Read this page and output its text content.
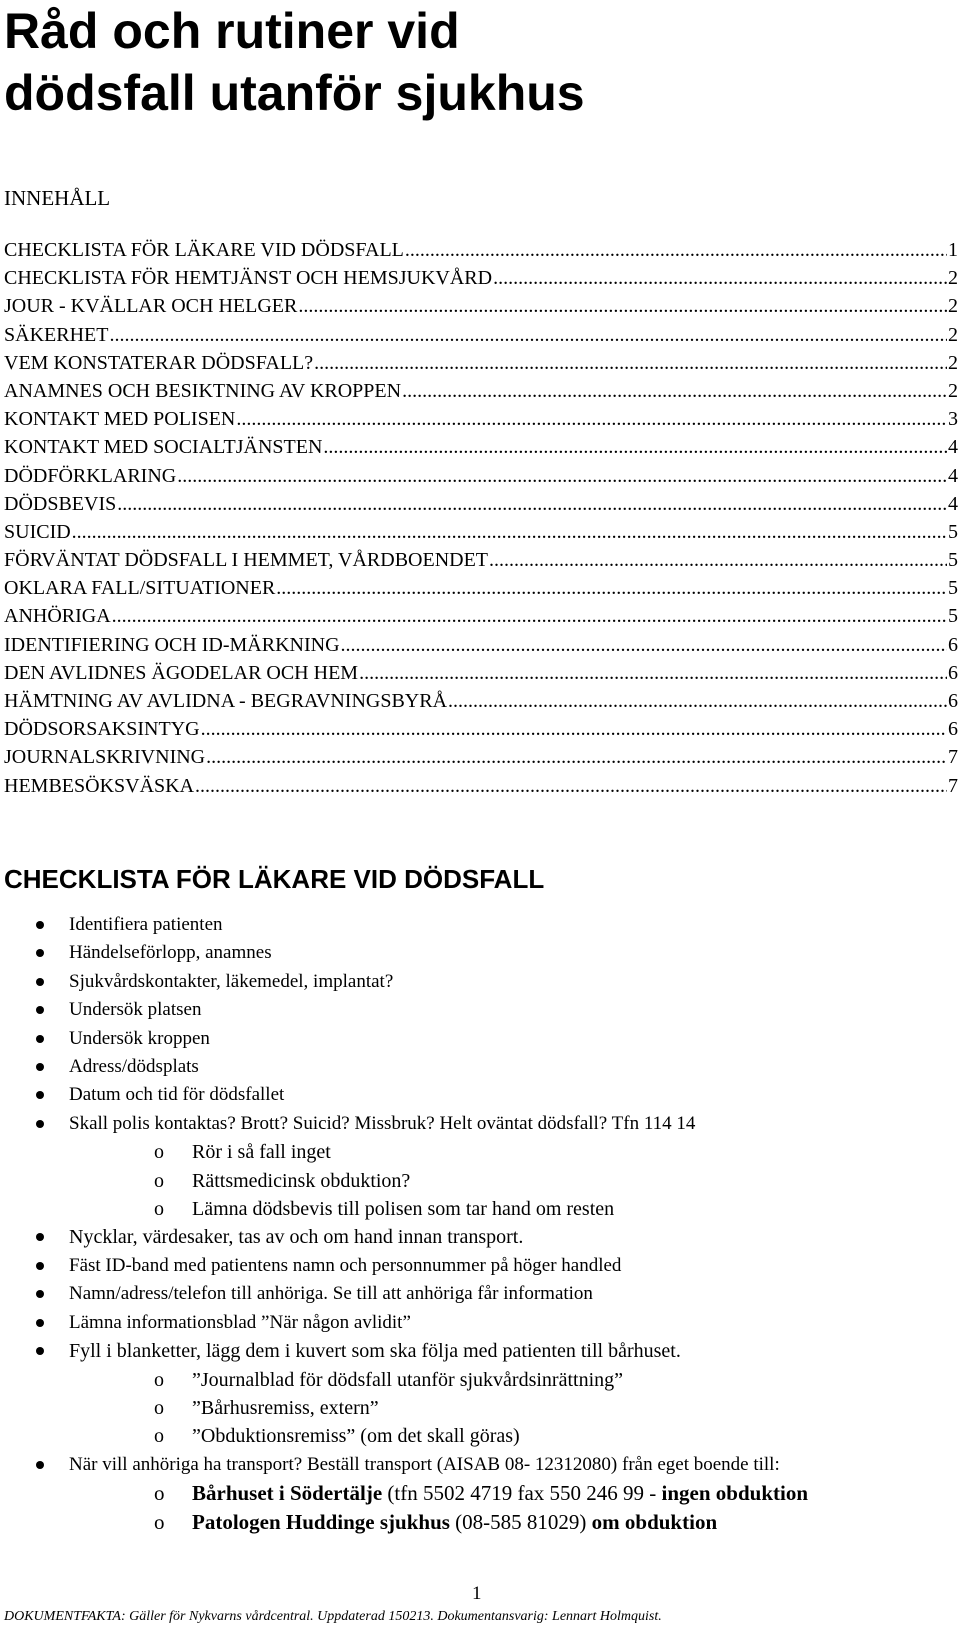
Råd och rutiner vid
dödsfall utanför sjukhus
INNEHÅLL
CHECKLISTA FÖR LÄKARE VID DÖDSFALL .....	1
CHECKLISTA FÖR HEMTJÄNST OCH HEMSJUKVÅRD .....	2
JOUR - KVÄLLAR OCH HELGER .....	2
SÄKERHET .....	2
VEM KONSTATERAR DÖDSFALL? .....	2
ANAMNES OCH BESIKTNING AV KROPPEN .....	2
KONTAKT MED POLISEN .....	3
KONTAKT MED SOCIALTJÄNSTEN .....	4
DÖDFÖRKLARING .....	4
DÖDSBEVIS .....	4
SUICID .....	5
FÖRVÄNTAT DÖDSFALL I HEMMET, VÅRDBOENDET .....	5
OKLARA FALL/SITUATIONER .....	5
ANHÖRIGA .....	5
IDENTIFIERING OCH ID-MÄRKNING .....	6
DEN AVLIDNES ÄGODELAR OCH HEM .....	6
HÄMTNING AV AVLIDNA - BEGRAVNINGSBYRÅ .....	6
DÖDSORSAKSINTYG .....	6
JOURNALSKRIVNING .....	7
HEMBESÖKSVÄSKA .....	7
CHECKLISTA FÖR LÄKARE VID DÖDSFALL
Identifiera patienten
Händelseförlopp, anamnes
Sjukvårdskontakter, läkemedel, implantat?
Undersök platsen
Undersök kroppen
Adress/dödsplats
Datum och tid för dödsfallet
Skall polis kontaktas? Brott? Suicid? Missbruk? Helt oväntat dödsfall? Tfn 114 14
o Rör i så fall inget
o Rättsmedicinsk obduktion?
o Lämna dödsbevis till polisen som tar hand om resten
Nycklar, värdesaker, tas av och om hand innan transport.
Fäst ID-band med patientens namn och personnummer på höger handled
Namn/adress/telefon till anhöriga. Se till att anhöriga får information
Lämna informationsblad ”När någon avlidit”
Fyll i blanketter, lägg dem i kuvert som ska följa med patienten till bårhuset.
o ”Journalblad för dödsfall utanför sjukvårdsinrättning”
o ”Bårhusremiss, extern”
o ”Obduktionsremiss” (om det skall göras)
När vill anhöriga ha transport? Beställ transport (AISAB 08- 12312080) från eget boende till:
o Bårhuset i Södertälje (tfn 5502 4719 fax 550 246 99 - ingen obduktion
o Patologen Huddinge sjukhus (08-585 81029) om obduktion

1

DOKUMENTFAKTA: Gäller för Nykvarns vårdcentral. Uppdaterad 150213. Dokumentansvarig: Lennart Holmquist.
